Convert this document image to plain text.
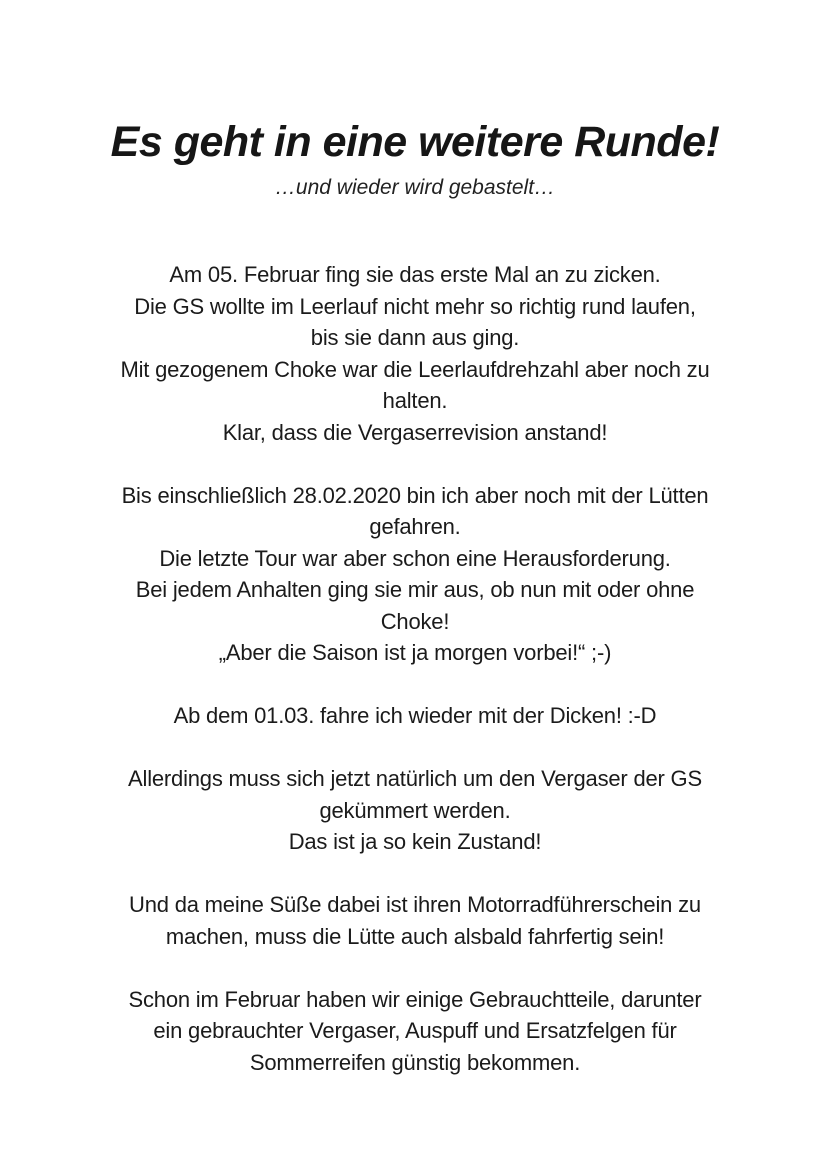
Es geht in eine weitere Runde!

…und wieder wird gebastelt…

Am 05. Februar fing sie das erste Mal an zu zicken.
Die GS wollte im Leerlauf nicht mehr so richtig rund laufen,
bis sie dann aus ging.
Mit gezogenem Choke war die Leerlaufdrehzahl aber noch zu
halten.
Klar, dass die Vergaserrevision anstand!

Bis einschließlich 28.02.2020 bin ich aber noch mit der Lütten
gefahren.
Die letzte Tour war aber schon eine Herausforderung.
Bei jedem Anhalten ging sie mir aus, ob nun mit oder ohne
Choke!
„Aber die Saison ist ja morgen vorbei!“ ;-)

Ab dem 01.03. fahre ich wieder mit der Dicken! :-D

Allerdings muss sich jetzt natürlich um den Vergaser der GS
gekümmert werden.
Das ist ja so kein Zustand!

Und da meine Süße dabei ist ihren Motorradführerschein zu
machen, muss die Lütte auch alsbald fahrfertig sein!

Schon im Februar haben wir einige Gebrauchtteile, darunter
ein gebrauchter Vergaser, Auspuff und Ersatzfelgen für
Sommerreifen günstig bekommen.
